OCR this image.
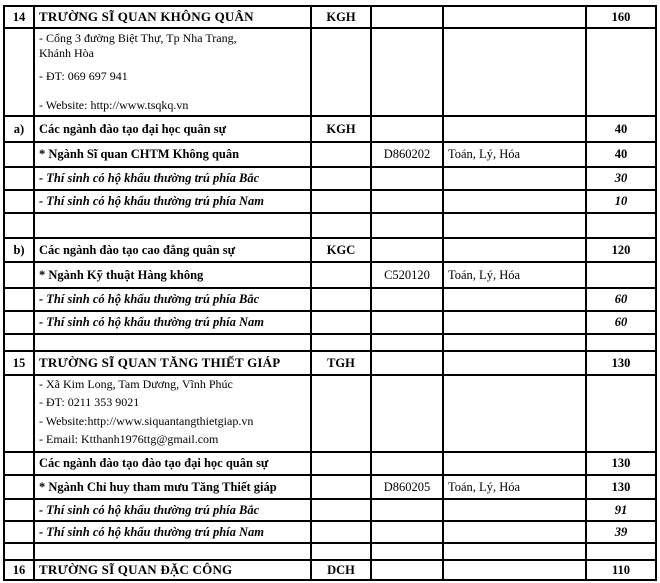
14	TRƯỜNG SĨ QUAN KHÔNG QUÂN	KGH			160

	- Cổng 3 đường Biệt Thự, Tp Nha Trang, Khánh Hòa

- ĐT: 069 697 941

- Website: http://www.tsqkq.vn				

a)	Các ngành đào tạo đại học quân sự	KGH			40
	* Ngành Sĩ quan CHTM Không quân		D860202	Toán, Lý, Hóa	40
	- Thí sinh có hộ khẩu thường trú phía Bắc				30
	- Thí sinh có hộ khẩu thường trú phía Nam				10

b)	Các ngành đào tạo cao đẳng quân sự	KGC			120
	* Ngành Kỹ thuật Hàng không		C520120	Toán, Lý, Hóa	
	- Thí sinh có hộ khẩu thường trú phía Bắc				60
	- Thí sinh có hộ khẩu thường trú phía Nam				60

15	TRƯỜNG SĨ QUAN TĂNG THIẾT GIÁP	TGH			130

	- Xã Kim Long, Tam Dương, Vĩnh Phúc

- ĐT: 0211 353 9021

- Website:http://www.siquantangthietgiap.vn

- Email: Ktthanh1976ttg@gmail.com				

	Các ngành đào tạo đào tạo đại học quân sự				130
	* Ngành Chỉ huy tham mưu Tăng Thiết giáp		D860205	Toán, Lý, Hóa	130
	- Thí sinh có hộ khẩu thường trú phía Bắc				91
	- Thí sinh có hộ khẩu thường trú phía Nam				39

16	TRƯỜNG SĨ QUAN ĐẶC CÔNG	DCH			110
